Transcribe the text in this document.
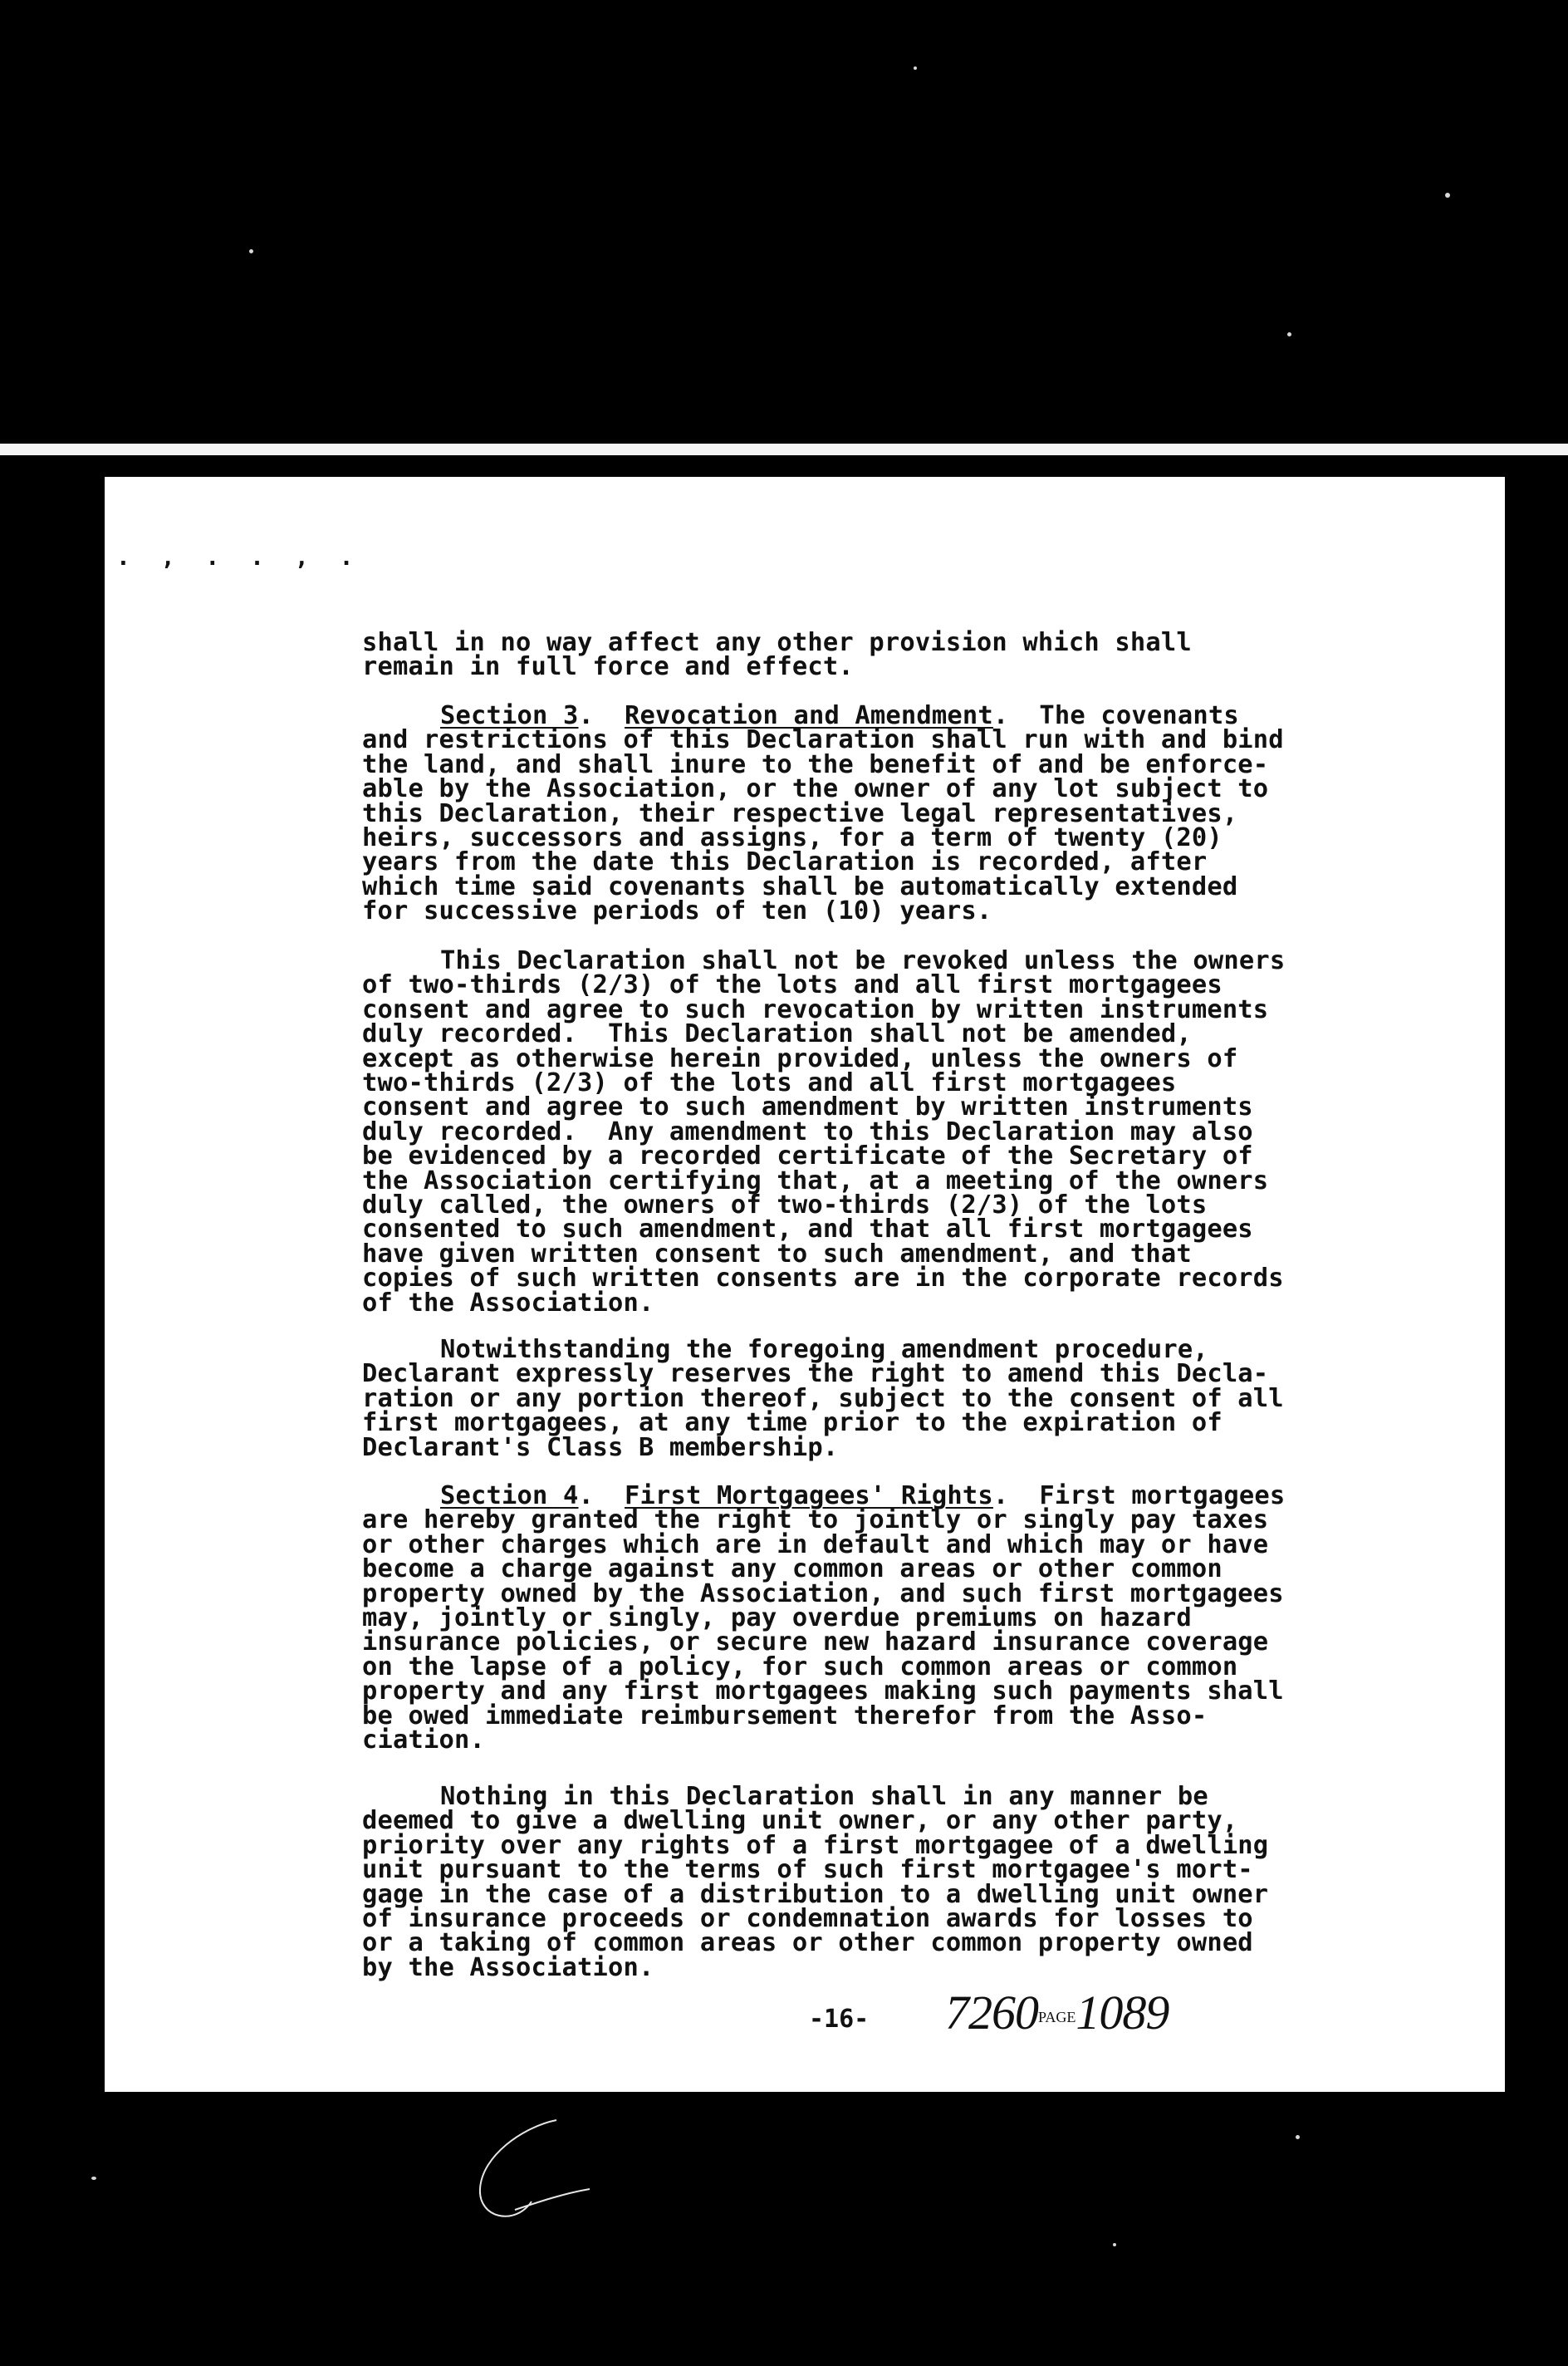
. , . . , .
shall in no way affect any other provision which shall
remain in full force and effect.
Section 3.  Revocation and Amendment.  The covenants
and restrictions of this Declaration shall run with and bind
the land, and shall inure to the benefit of and be enforce-
able by the Association, or the owner of any lot subject to
this Declaration, their respective legal representatives,
heirs, successors and assigns, for a term of twenty (20)
years from the date this Declaration is recorded, after
which time said covenants shall be automatically extended
for successive periods of ten (10) years.
This Declaration shall not be revoked unless the owners
of two-thirds (2/3) of the lots and all first mortgagees
consent and agree to such revocation by written instruments
duly recorded.  This Declaration shall not be amended,
except as otherwise herein provided, unless the owners of
two-thirds (2/3) of the lots and all first mortgagees
consent and agree to such amendment by written instruments
duly recorded.  Any amendment to this Declaration may also
be evidenced by a recorded certificate of the Secretary of
the Association certifying that, at a meeting of the owners
duly called, the owners of two-thirds (2/3) of the lots
consented to such amendment, and that all first mortgagees
have given written consent to such amendment, and that
copies of such written consents are in the corporate records
of the Association.
Notwithstanding the foregoing amendment procedure,
Declarant expressly reserves the right to amend this Decla-
ration or any portion thereof, subject to the consent of all
first mortgagees, at any time prior to the expiration of
Declarant's Class B membership.
Section 4.  First Mortgagees' Rights.  First mortgagees
are hereby granted the right to jointly or singly pay taxes
or other charges which are in default and which may or have
become a charge against any common areas or other common
property owned by the Association, and such first mortgagees
may, jointly or singly, pay overdue premiums on hazard
insurance policies, or secure new hazard insurance coverage
on the lapse of a policy, for such common areas or common
property and any first mortgagees making such payments shall
be owed immediate reimbursement therefor from the Asso-
ciation.
Nothing in this Declaration shall in any manner be
deemed to give a dwelling unit owner, or any other party,
priority over any rights of a first mortgagee of a dwelling
unit pursuant to the terms of such first mortgagee's mort-
gage in the case of a distribution to a dwelling unit owner
of insurance proceeds or condemnation awards for losses to
or a taking of common areas or other common property owned
by the Association.
-16- 7260PAGE1089
